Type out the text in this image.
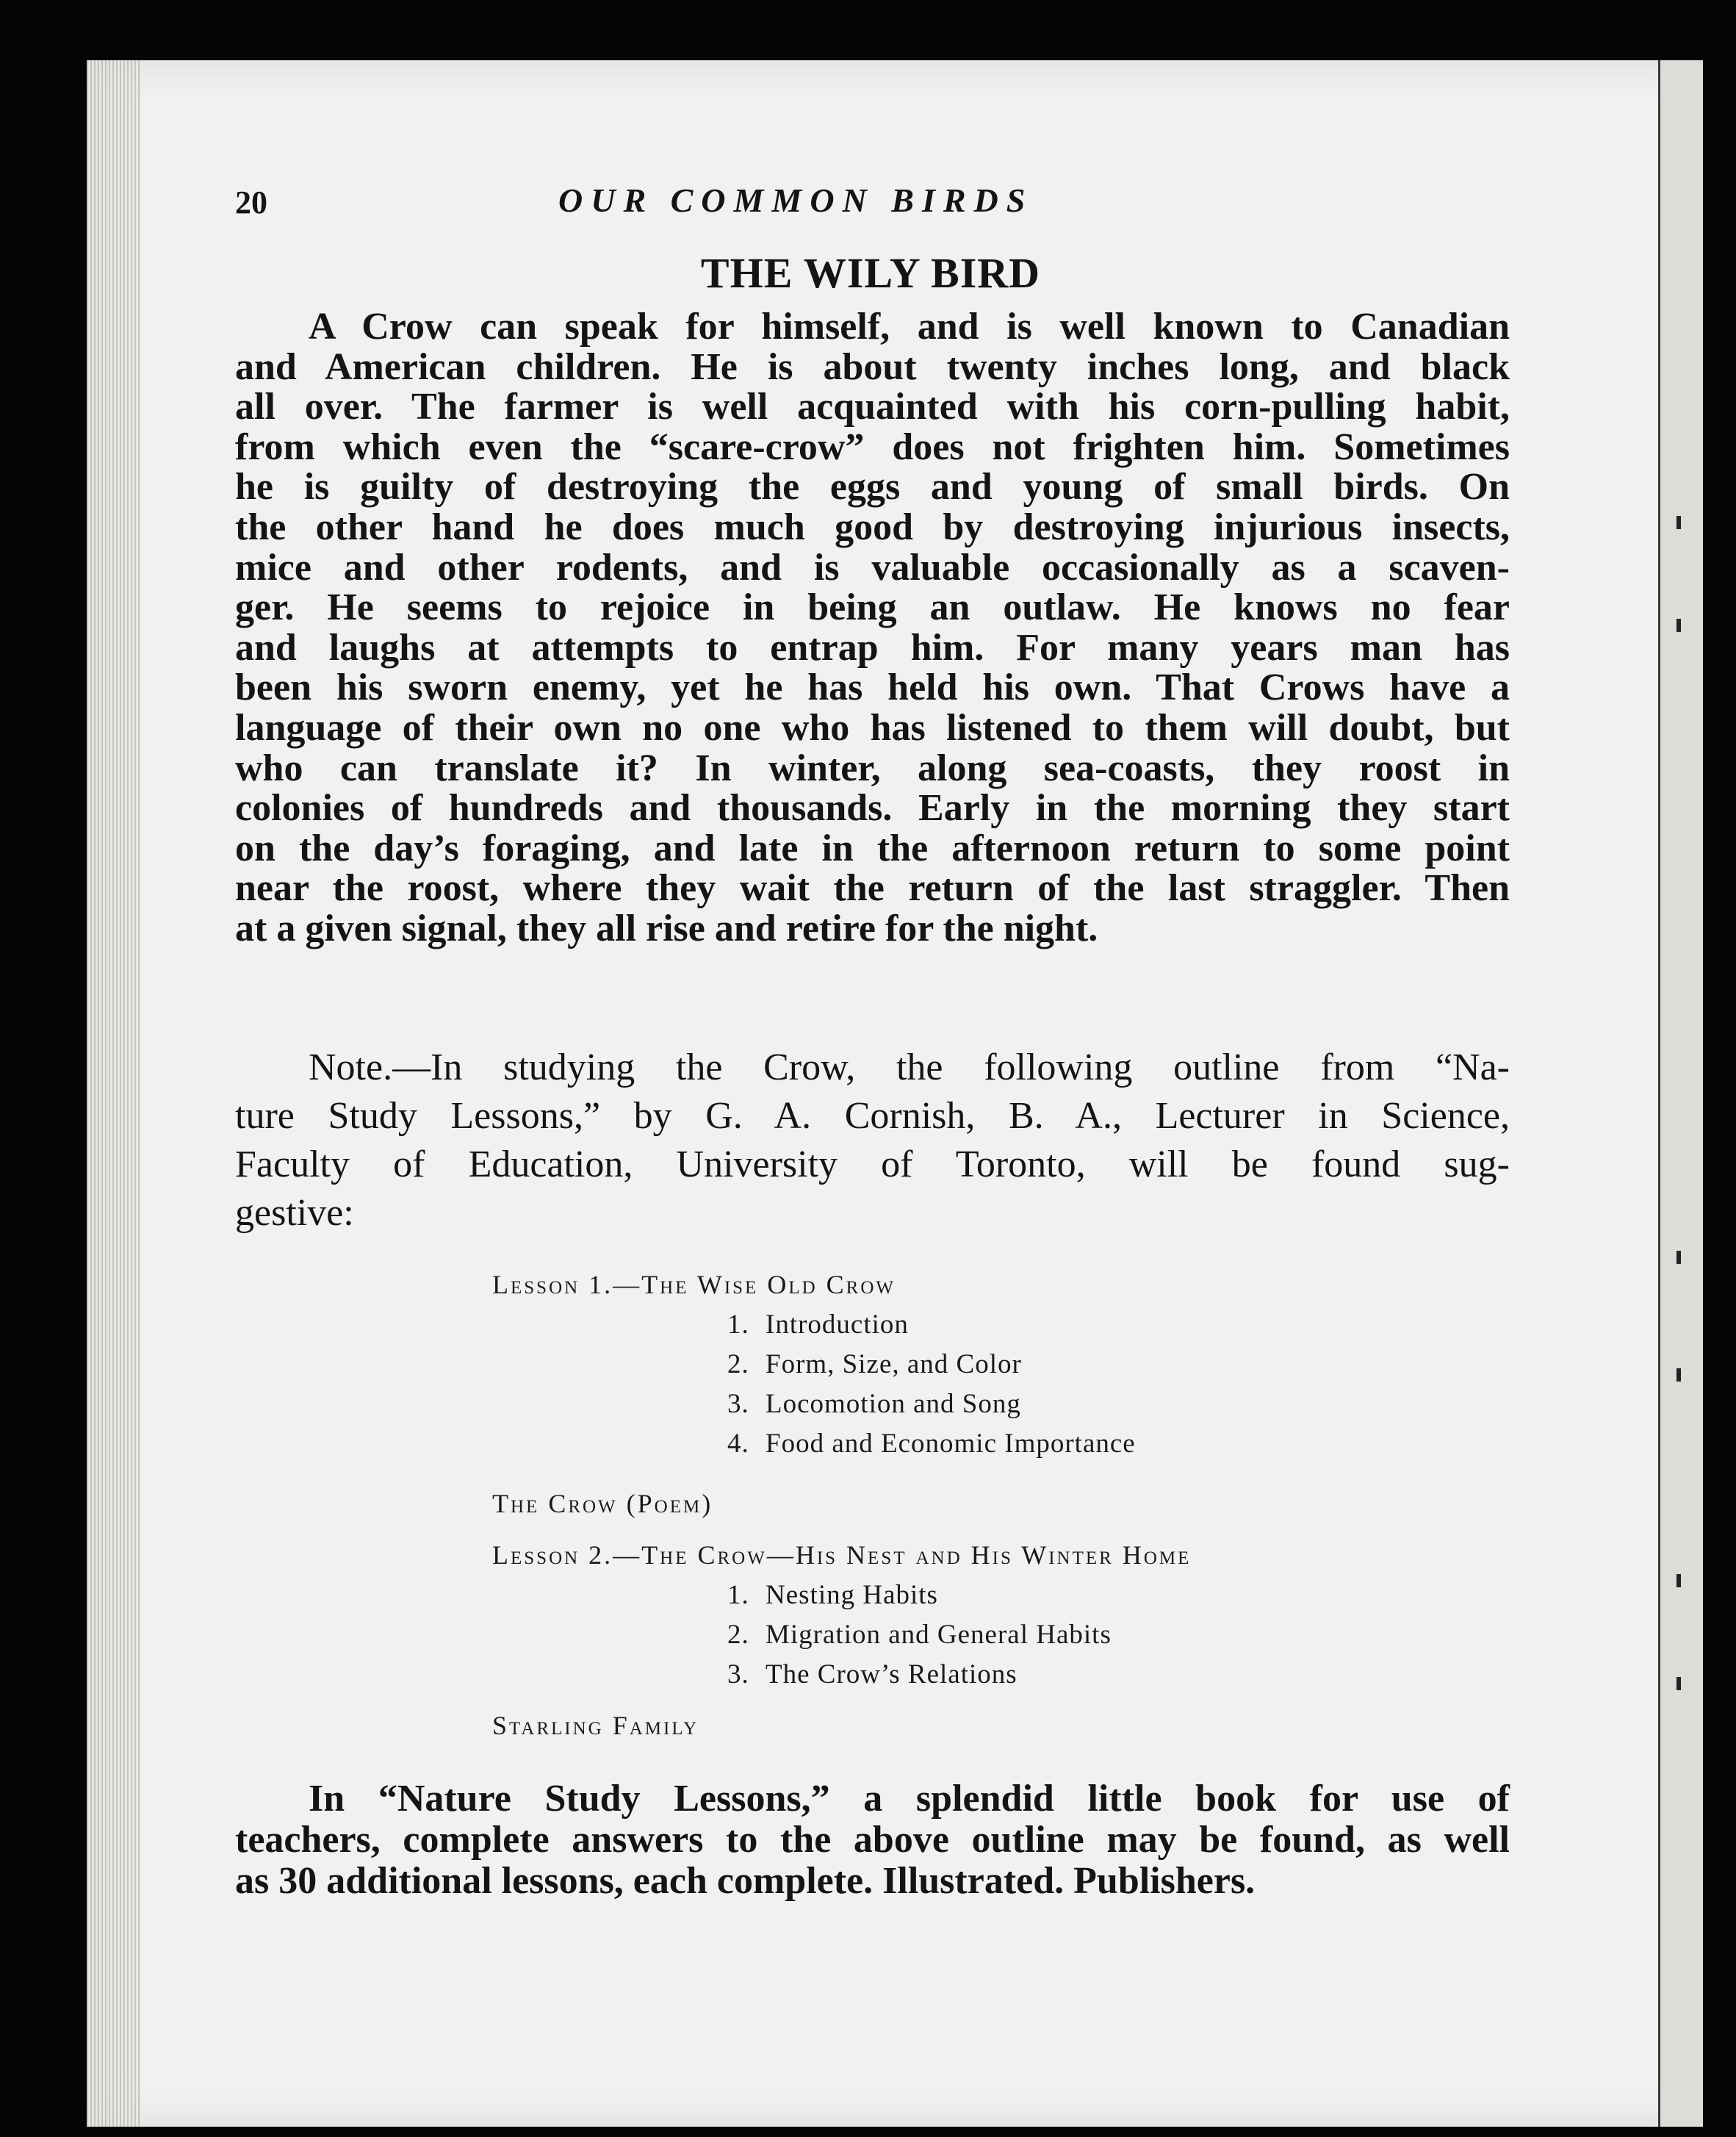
20	OUR COMMON BIRDS
THE WILY BIRD
A Crow can speak for himself, and is well known to Canadian
and American children. He is about twenty inches long, and black
all over. The farmer is well acquainted with his corn-pulling habit,
from which even the “scare-crow” does not frighten him. Sometimes
he is guilty of destroying the eggs and young of small birds. On
the other hand he does much good by destroying injurious insects,
mice and other rodents, and is valuable occasionally as a scaven-
ger. He seems to rejoice in being an outlaw. He knows no fear
and laughs at attempts to entrap him. For many years man has
been his sworn enemy, yet he has held his own. That Crows have a
language of their own no one who has listened to them will doubt, but
who can translate it? In winter, along sea-coasts, they roost in
colonies of hundreds and thousands. Early in the morning they start
on the day’s foraging, and late in the afternoon return to some point
near the roost, where they wait the return of the last straggler. Then
at a given signal, they all rise and retire for the night.
Note.—In studying the Crow, the following outline from “Na-
ture Study Lessons,” by G. A. Cornish, B. A., Lecturer in Science,
Faculty of Education, University of Toronto, will be found sug-
gestive:
Lesson 1.—The Wise Old Crow
1. Introduction
2. Form, Size, and Color
3. Locomotion and Song
4. Food and Economic Importance
The Crow (Poem)
Lesson 2.—The Crow—His Nest and His Winter Home
1. Nesting Habits
2. Migration and General Habits
3. The Crow’s Relations
Starling Family
In “Nature Study Lessons,” a splendid little book for use of
teachers, complete answers to the above outline may be found, as well
as 30 additional lessons, each complete. Illustrated. Publishers.
